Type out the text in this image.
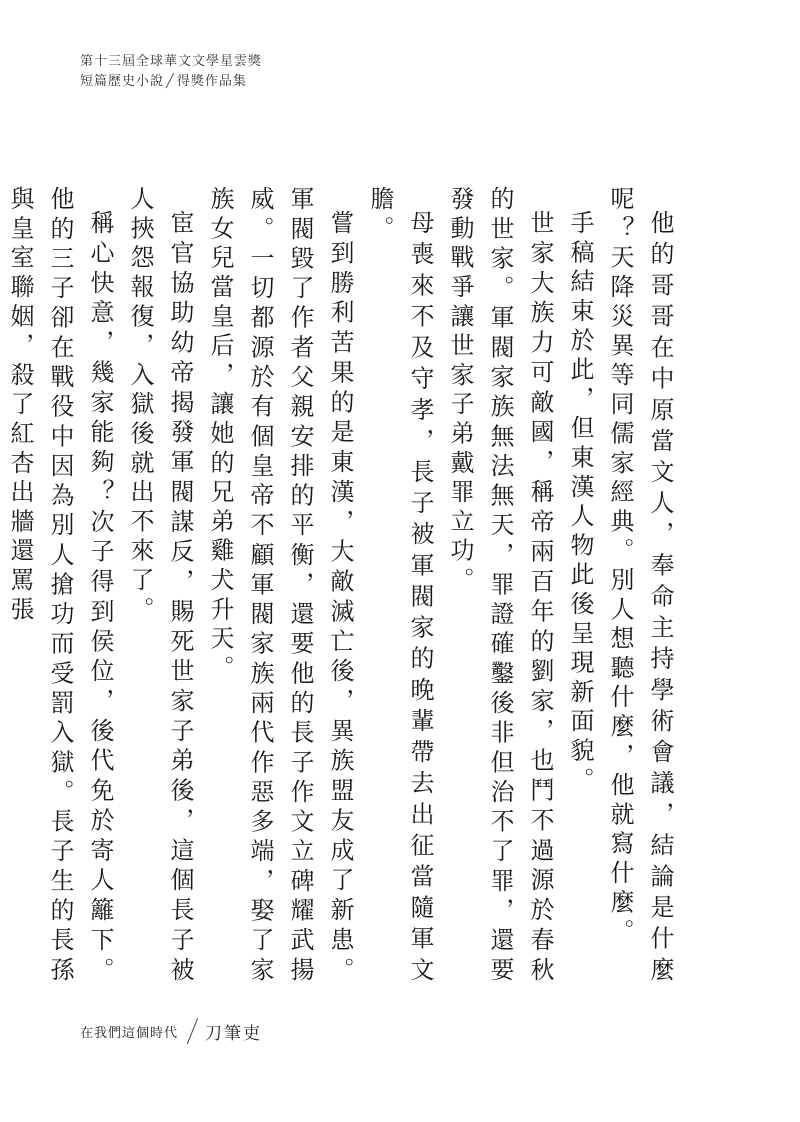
第十三屆全球華文文學星雲獎
短篇歷史小說 ╱ 得獎作品集

他的哥哥在中原當文人，奉命主持學術會議，結論是什麼呢？天降災異等同儒家經典。別人想聽什麼，他就寫什麼。

手稿結束於此，但東漢人物此後呈現新面貌。

世家大族力可敵國，稱帝兩百年的劉家，也鬥不過源於春秋的世家。軍閥家族無法無天，罪證確鑿後非但治不了罪，還要發動戰爭讓世家子弟戴罪立功。

母喪來不及守孝，長子被軍閥家的晚輩帶去出征當隨軍文膽。

嘗到勝利苦果的是東漢，大敵滅亡後，異族盟友成了新患。軍閥毀了作者父親安排的平衡，還要他的長子作文立碑耀武揚威。一切都源於有個皇帝不顧軍閥家族兩代作惡多端，娶了家族女兒當皇后，讓她的兄弟雞犬升天。

宦官協助幼帝揭發軍閥謀反，賜死世家子弟後，這個長子被人挾怨報復，入獄後就出不來了。

稱心快意，幾家能夠？次子得到侯位，後代免於寄人籬下。他的三子卻在戰役中因為別人搶功而受罰入獄。長子生的長孫與皇室聯姻，殺了紅杏出牆還罵張

在我們這個時代 刀筆吏
